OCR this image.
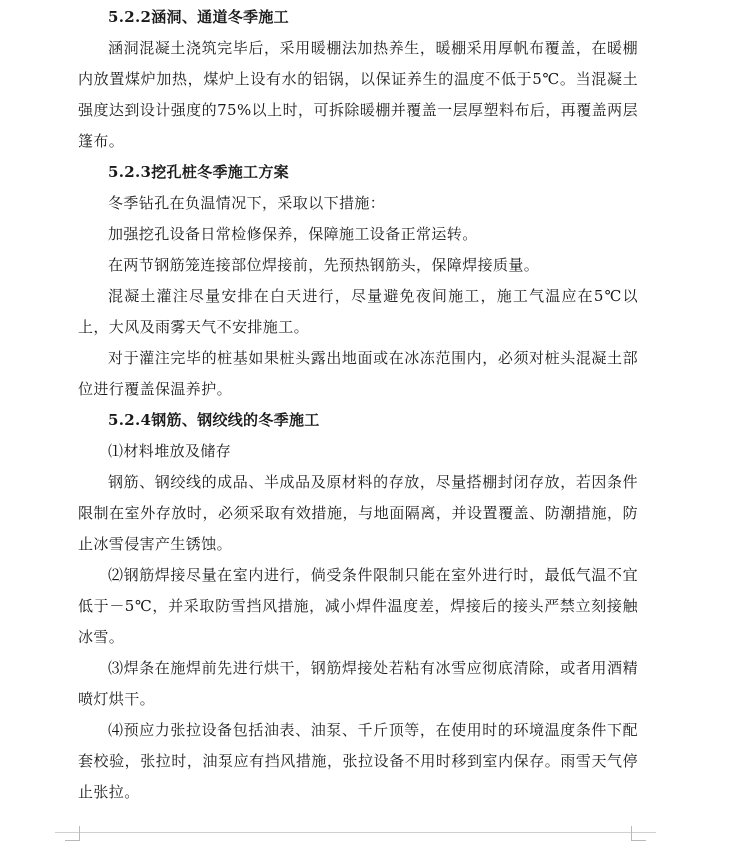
5.2.2涵洞、通道冬季施工

涵洞混凝土浇筑完毕后，采用暖棚法加热养生，暖棚采用厚帆布覆盖，在暖棚内放置煤炉加热，煤炉上设有水的铝锅，以保证养生的温度不低于5℃。当混凝土强度达到设计强度的75%以上时，可拆除暖棚并覆盖一层厚塑料布后，再覆盖两层篷布。

5.2.3挖孔桩冬季施工方案

冬季钻孔在负温情况下，采取以下措施：

加强挖孔设备日常检修保养，保障施工设备正常运转。

在两节钢筋笼连接部位焊接前，先预热钢筋头，保障焊接质量。

混凝土灌注尽量安排在白天进行，尽量避免夜间施工，施工气温应在5℃以上，大风及雨雾天气不安排施工。

对于灌注完毕的桩基如果桩头露出地面或在冰冻范围内，必须对桩头混凝土部位进行覆盖保温养护。

5.2.4钢筋、钢绞线的冬季施工

⑴材料堆放及储存

钢筋、钢绞线的成品、半成品及原材料的存放，尽量搭棚封闭存放，若因条件限制在室外存放时，必须采取有效措施，与地面隔离，并设置覆盖、防潮措施，防止冰雪侵害产生锈蚀。

⑵钢筋焊接尽量在室内进行，倘受条件限制只能在室外进行时，最低气温不宜低于－5℃，并采取防雪挡风措施，减小焊件温度差，焊接后的接头严禁立刻接触冰雪。

⑶焊条在施焊前先进行烘干，钢筋焊接处若粘有冰雪应彻底清除，或者用酒精喷灯烘干。

⑷预应力张拉设备包括油表、油泵、千斤顶等，在使用时的环境温度条件下配套校验，张拉时，油泵应有挡风措施，张拉设备不用时移到室内保存。雨雪天气停止张拉。
